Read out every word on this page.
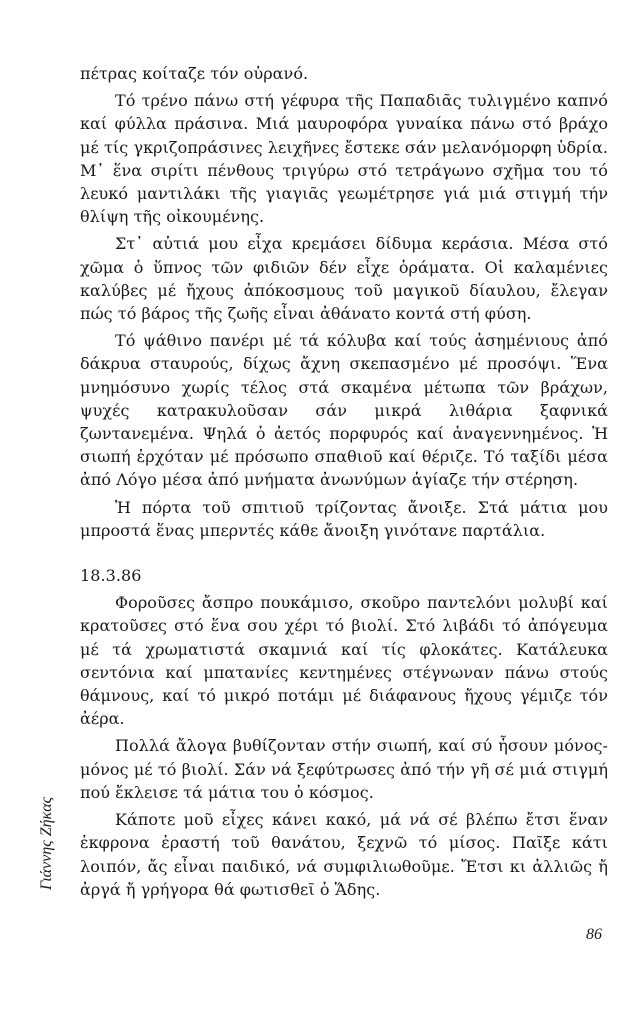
πέτρας κοίταζε τόν οὐρανό.

Τό τρένο πάνω στή γέφυρα τῆς Παπαδιᾶς τυλιγμένο καπνό καί φύλλα πράσινα. Μιά μαυροφόρα γυναίκα πάνω στό βράχο μέ τίς γκριζοπράσινες λειχῆνες ἔστεκε σάν μελανόμορφη ὑδρία. Μ᾿ ἕνα σιρίτι πένθους τριγύρω στό τετράγωνο σχῆμα του τό λευκό μαντιλάκι τῆς γιαγιᾶς γεωμέτρησε γιά μιά στιγμή τήν θλίψη τῆς οἰκουμένης.

Στ᾿ αὐτιά μου εἶχα κρεμάσει δίδυμα κεράσια. Μέσα στό χῶμα ὁ ὕπνος τῶν φιδιῶν δέν εἶχε ὁράματα. Οἱ καλαμένιες καλύβες μέ ἤχους ἀπόκοσμους τοῦ μαγικοῦ δίαυλου, ἔλεγαν πώς τό βάρος τῆς ζωῆς εἶναι ἀθάνατο κοντά στή φύση.

Τό ψάθινο πανέρι μέ τά κόλυβα καί τούς ἀσημένιους ἀπό δάκρυα σταυρούς, δίχως ἄχνη σκεπασμένο μέ προσόψι. Ἕνα μνημόσυνο χωρίς τέλος στά σκαμένα μέτωπα τῶν βράχων, ψυχές κατρακυλοῦσαν σάν μικρά λιθάρια ξαφνικά ζωντανεμένα. Ψηλά ὁ ἀετός πορφυρός καί ἀναγεννημένος. Ἡ σιωπή ἐρχόταν μέ πρόσωπο σπαθιοῦ καί θέριζε. Τό ταξίδι μέσα ἀπό Λόγο μέσα ἀπό μνήματα ἀνωνύμων ἁγίαζε τήν στέρηση.

Ἡ πόρτα τοῦ σπιτιοῦ τρίζοντας ἄνοιξε. Στά μάτια μου μπροστά ἕνας μπερντές κάθε ἄνοιξη γινότανε παρτάλια.

18.3.86

Φοροῦσες ἄσπρο πουκάμισο, σκοῦρο παντελόνι μολυβί καί κρατοῦσες στό ἕνα σου χέρι τό βιολί. Στό λιβάδι τό ἀπόγευμα μέ τά χρωματιστά σκαμνιά καί τίς φλοκάτες. Κατάλευκα σεντόνια καί μπατανίες κεντημένες στέγνωναν πάνω στούς θάμνους, καί τό μικρό ποτάμι μέ διάφανους ἤχους γέμιζε τόν ἀέρα.

Πολλά ἄλογα βυθίζονταν στήν σιωπή, καί σύ ἦσουν μόνος-μόνος μέ τό βιολί. Σάν νά ξεφύτρωσες ἀπό τήν γῆ σέ μιά στιγμή πού ἔκλεισε τά μάτια του ὁ κόσμος.

Κάποτε μοῦ εἶχες κάνει κακό, μά νά σέ βλέπω ἔτσι ἕναν ἐκφρονα ἐραστή τοῦ θανάτου, ξεχνῶ τό μίσος. Παῖξε κάτι λοιπόν, ἄς εἶναι παιδικό, νά συμφιλιωθοῦμε. Ἔτσι κι ἀλλιῶς ἤ ἀργά ἤ γρήγορα θά φωτισθεῖ ὁ Ἅδης.

Γιάννης Ζήκας
86
